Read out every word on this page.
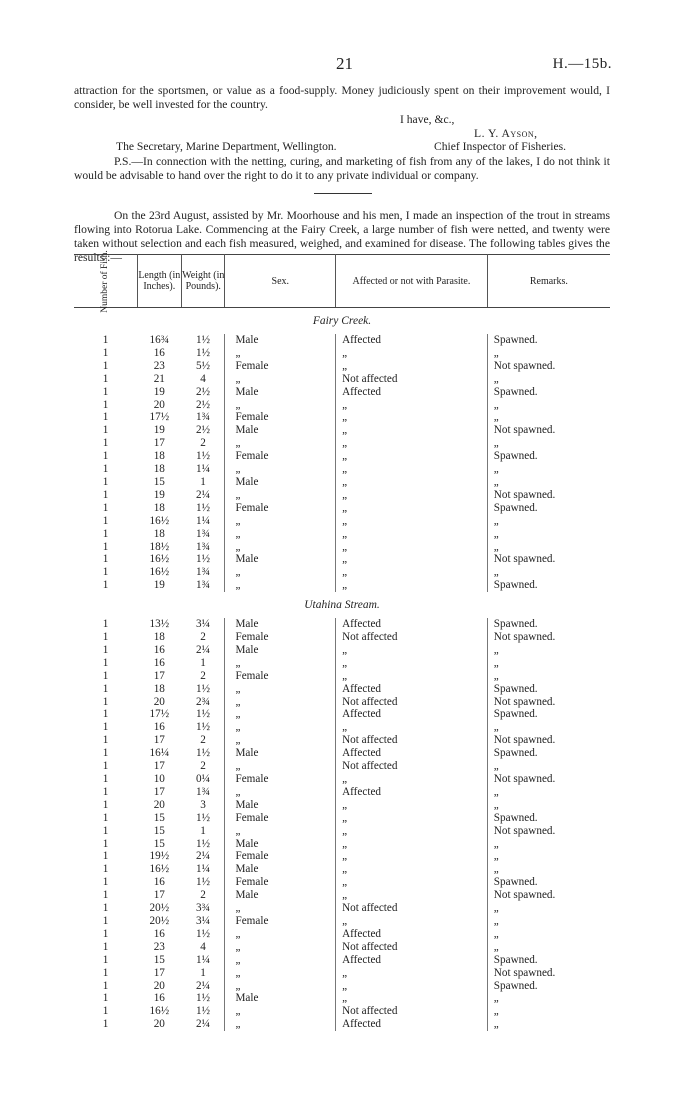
21	H.—15b.
attraction for the sportsmen, or value as a food-supply. Money judiciously spent on their improvement would, I consider, be well invested for the country.
I have, &c.,
L. Y. Ayson,
The Secretary, Marine Department, Wellington.	Chief Inspector of Fisheries.
P.S.—In connection with the netting, curing, and marketing of fish from any of the lakes, I do not think it would be advisable to hand over the right to do it to any private individual or company.
On the 23rd August, assisted by Mr. Moorhouse and his men, I made an inspection of the trout in streams flowing into Rotorua Lake. Commencing at the Fairy Creek, a large number of fish were netted, and twenty were taken without selection and each fish measured, weighed, and examined for disease. The following tables gives the results :—
Number of Fish.	Length (in Inches).	Weight (in Pounds).	Sex.	Affected or not with Parasite.	Remarks.
Fairy Creek.					
1	16¾	1½	Male	Affected	Spawned.
1	16	1½	„	„	„
1	23	5½	Female	„	Not spawned.
1	21	4	„	Not affected	„
1	19	2½	Male	Affected	Spawned.
1	20	2½	„	„	„
1	17½	1¾	Female	„	„
1	19	2½	Male	„	Not spawned.
1	17	2	„	„	„
1	18	1½	Female	„	Spawned.
1	18	1¼	„	„	„
1	15	1	Male	„	„
1	19	2¼	„	„	Not spawned.
1	18	1½	Female	„	Spawned.
1	16½	1¼	„	„	„
1	18	1¾	„	„	„
1	18½	1¾	„	„	„
1	16½	1½	Male	„	Not spawned.
1	16½	1¾	„	„	„
1	19	1¾	„	„	Spawned.
Utahina Stream.					
1	13½	3¼	Male	Affected	Spawned.
1	18	2	Female	Not affected	Not spawned.
1	16	2¼	Male	„	„
1	16	1	„	„	„
1	17	2	Female	„	„
1	18	1½	„	Affected	Spawned.
1	20	2¾	„	Not affected	Not spawned.
1	17½	1½	„	Affected	Spawned.
1	16	1½	„	„	„
1	17	2	„	Not affected	Not spawned.
1	16¼	1½	Male	Affected	Spawned.
1	17	2	„	Not affected	„
1	10	0¼	Female	„	Not spawned.
1	17	1¾	„	Affected	„
1	20	3	Male	„	„
1	15	1½	Female	„	Spawned.
1	15	1	„	„	Not spawned.
1	15	1½	Male	„	„
1	19½	2¼	Female	„	„
1	16½	1¼	Male	„	„
1	16	1½	Female	„	Spawned.
1	17	2	Male	„	Not spawned.
1	20½	3¾	„	Not affected	„
1	20½	3¼	Female	„	„
1	16	1½	„	Affected	„
1	23	4	„	Not affected	„
1	15	1¼	„	Affected	Spawned.
1	17	1	„	„	Not spawned.
1	20	2¼	„	„	Spawned.
1	16	1½	Male	„	„
1	16½	1½	„	Not affected	„
1	20	2¼	„	Affected	„
